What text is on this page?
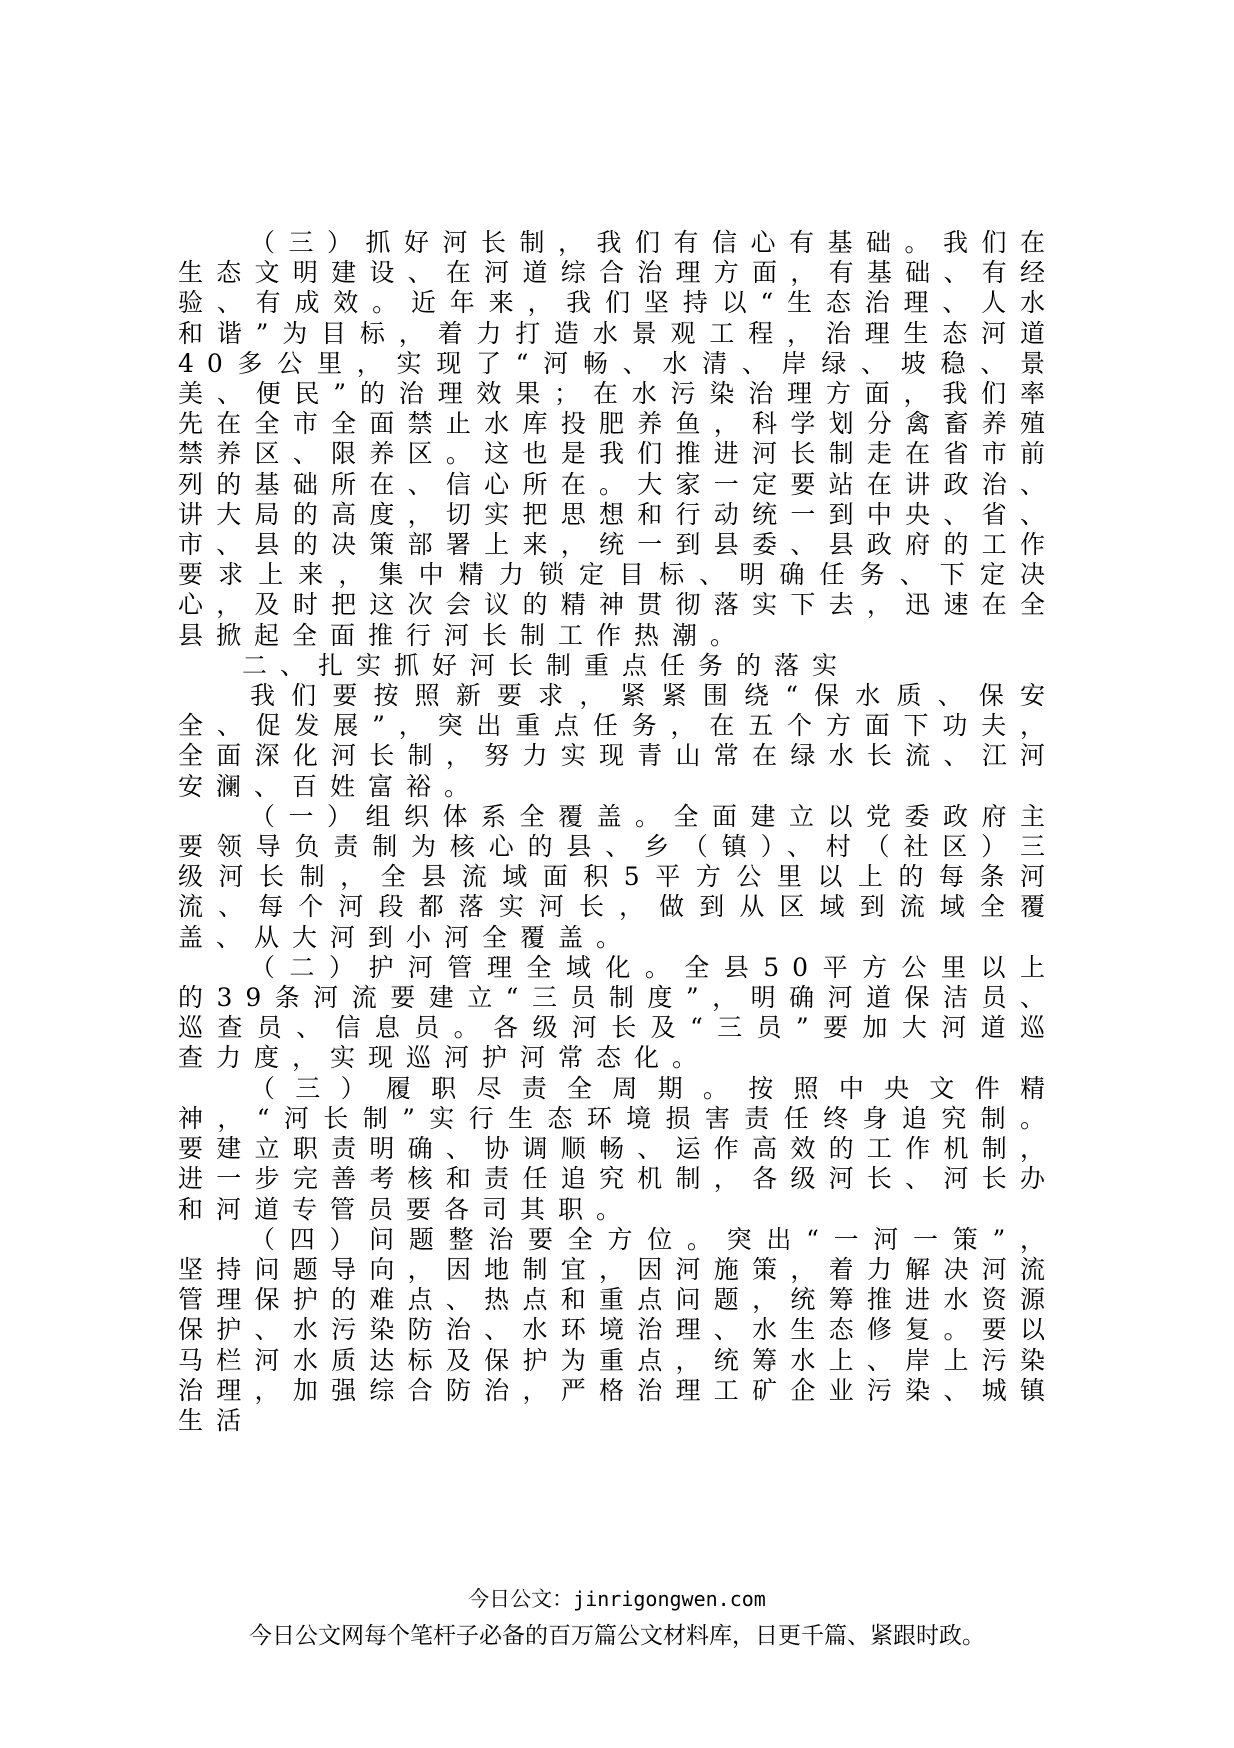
（三）抓好河长制，我们有信心有基础。我们在生态文明建设、在河道综合治理方面，有基础、有经验、有成效。近年来，我们坚持以“生态治理、人水和谐”为目标，着力打造水景观工程，治理生态河道40多公里，实现了“河畅、水清、岸绿、坡稳、景美、便民”的治理效果；在水污染治理方面，我们率先在全市全面禁止水库投肥养鱼，科学划分禽畜养殖禁养区、限养区。这也是我们推进河长制走在省市前列的基础所在、信心所在。大家一定要站在讲政治、讲大局的高度，切实把思想和行动统一到中央、省、市、县的决策部署上来，统一到县委、县政府的工作要求上来，集中精力锁定目标、明确任务、下定决心，及时把这次会议的精神贯彻落实下去，迅速在全县掀起全面推行河长制工作热潮。

二、扎实抓好河长制重点任务的落实

我们要按照新要求，紧紧围绕“保水质、保安全、促发展”，突出重点任务，在五个方面下功夫，全面深化河长制，努力实现青山常在绿水长流、江河安澜、百姓富裕。

（一）组织体系全覆盖。全面建立以党委政府主要领导负责制为核心的县、乡（镇）、村（社区）三级河长制，全县流域面积5平方公里以上的每条河流、每个河段都落实河长，做到从区域到流域全覆盖、从大河到小河全覆盖。

（二）护河管理全域化。全县50平方公里以上的39条河流要建立“三员制度”，明确河道保洁员、巡查员、信息员。各级河长及“三员”要加大河道巡查力度，实现巡河护河常态化。

（三）履职尽责全周期。按照中央文件精神，“河长制”实行生态环境损害责任终身追究制。要建立职责明确、协调顺畅、运作高效的工作机制，进一步完善考核和责任追究机制，各级河长、河长办和河道专管员要各司其职。

（四）问题整治要全方位。突出“一河一策”，坚持问题导向，因地制宜，因河施策，着力解决河流管理保护的难点、热点和重点问题，统筹推进水资源保护、水污染防治、水环境治理、水生态修复。要以马栏河水质达标及保护为重点，统筹水上、岸上污染治理，加强综合防治，严格治理工矿企业污染、城镇生活

今日公文：jinrigongwen.com
今日公文网每个笔杆子必备的百万篇公文材料库，日更千篇、紧跟时政。
